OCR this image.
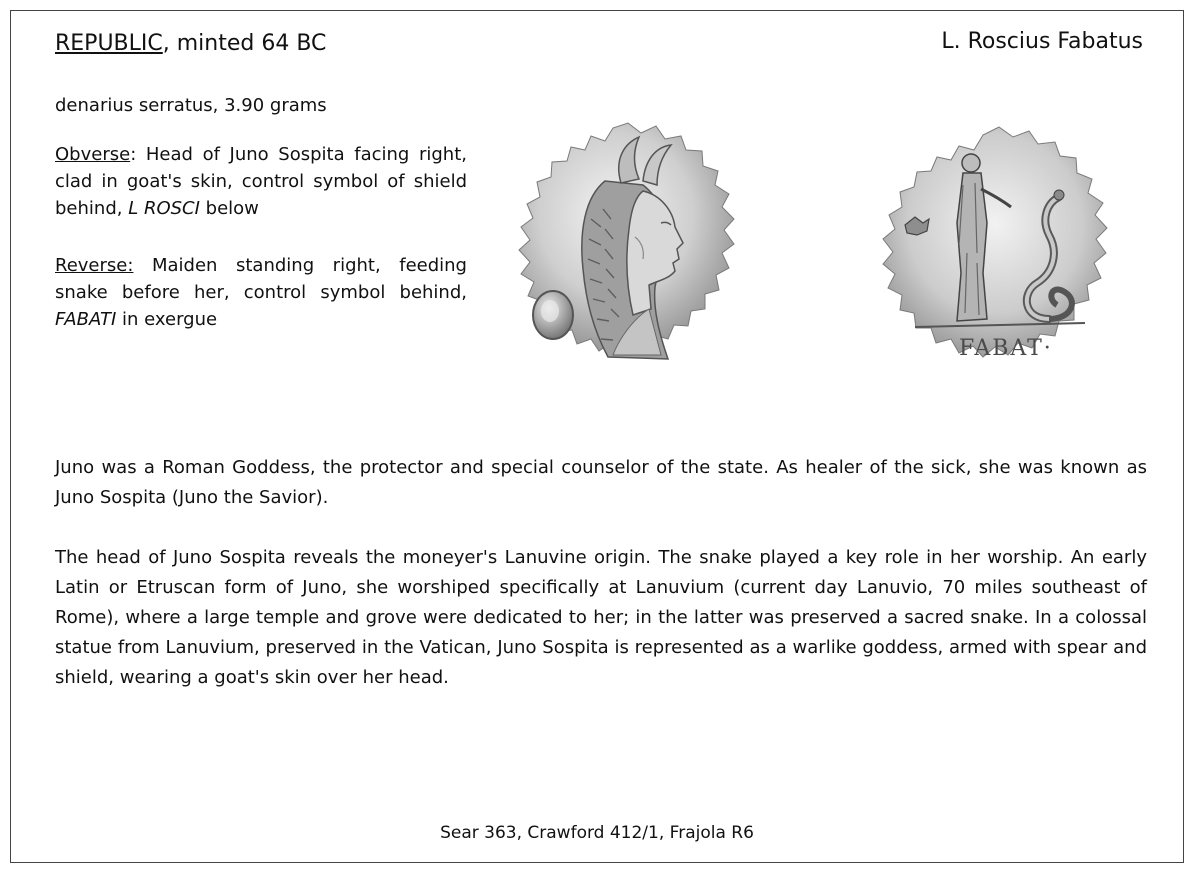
REPUBLIC, minted 64 BC	L. Roscius Fabatus
denarius serratus, 3.90 grams
Obverse: Head of Juno Sospita facing right, clad in goat's skin, control symbol of shield behind, L ROSCI below
Reverse: Maiden standing right, feeding snake before her, control symbol behind, FABATI in exergue
FABAT·

Juno was a Roman Goddess, the protector and special counselor of the state. As healer of the sick, she was known as Juno Sospita (Juno the Savior).

The head of Juno Sospita reveals the moneyer's Lanuvine origin. The snake played a key role in her worship. An early Latin or Etruscan form of Juno, she worshiped specifically at Lanuvium (current day Lanuvio, 70 miles southeast of Rome), where a large temple and grove were dedicated to her; in the latter was preserved a sacred snake. In a colossal statue from Lanuvium, preserved in the Vatican, Juno Sospita is represented as a warlike goddess, armed with spear and shield, wearing a goat's skin over her head.

Sear 363, Crawford 412/1, Frajola R6
